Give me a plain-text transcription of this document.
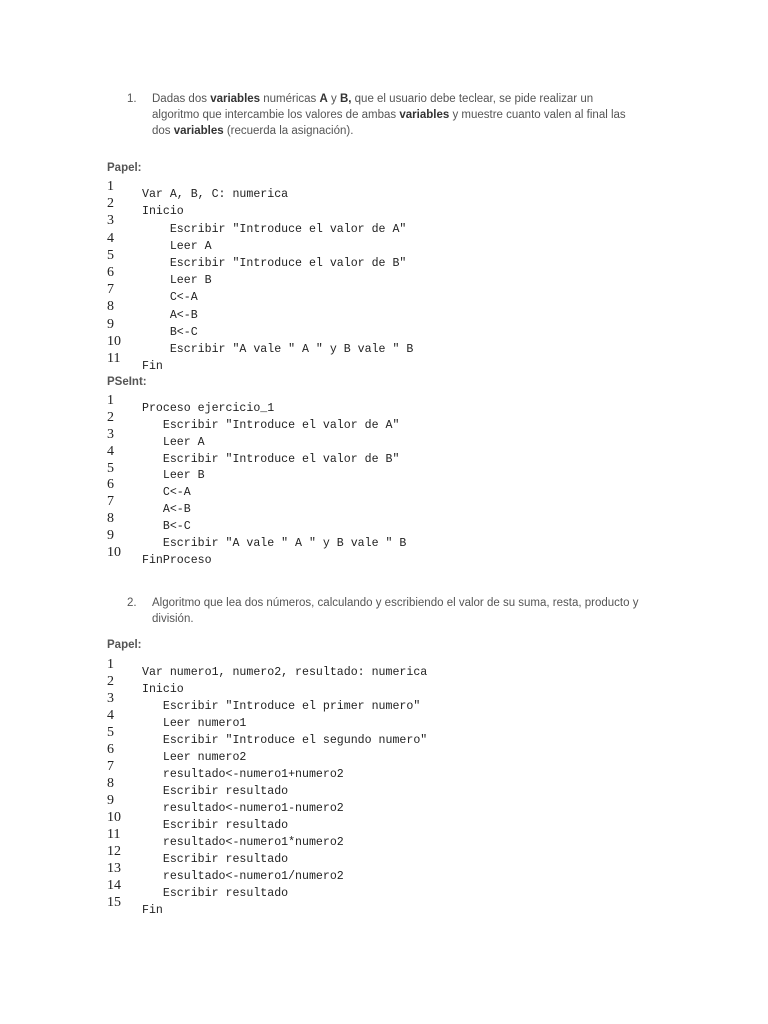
1. Dadas dos variables numéricas A y B, que el usuario debe teclear, se pide realizar un
algoritmo que intercambie los valores de ambas variables y muestre cuanto valen al final las
dos variables (recuerda la asignación).
Papel:
1
2
Var A, B, C: numerica
3
Inicio
4
Escribir "Introduce el valor de A"
5
Leer A
6
Escribir "Introduce el valor de B"
7
Leer B
8
C<-A
9
A<-B
10
B<-C
11
Escribir "A vale " A " y B vale " B
Fin
PSeInt:
1
2
Proceso ejercicio_1
3
Escribir "Introduce el valor de A"
4
Leer A
5
Escribir "Introduce el valor de B"
6
Leer B
7
C<-A
8
A<-B
9
B<-C
10
Escribir "A vale " A " y B vale " B
FinProceso
2. Algoritmo que lea dos números, calculando y escribiendo el valor de su suma, resta, producto y
división.
Papel:
1
2
Var numero1, numero2, resultado: numerica
3
Inicio
4
Escribir "Introduce el primer numero"
5
Leer numero1
6
Escribir "Introduce el segundo numero"
7
Leer numero2
8
resultado<-numero1+numero2
9
Escribir resultado
10
resultado<-numero1-numero2
11
Escribir resultado
12
resultado<-numero1*numero2
13
Escribir resultado
14
resultado<-numero1/numero2
15
Escribir resultado
Fin
